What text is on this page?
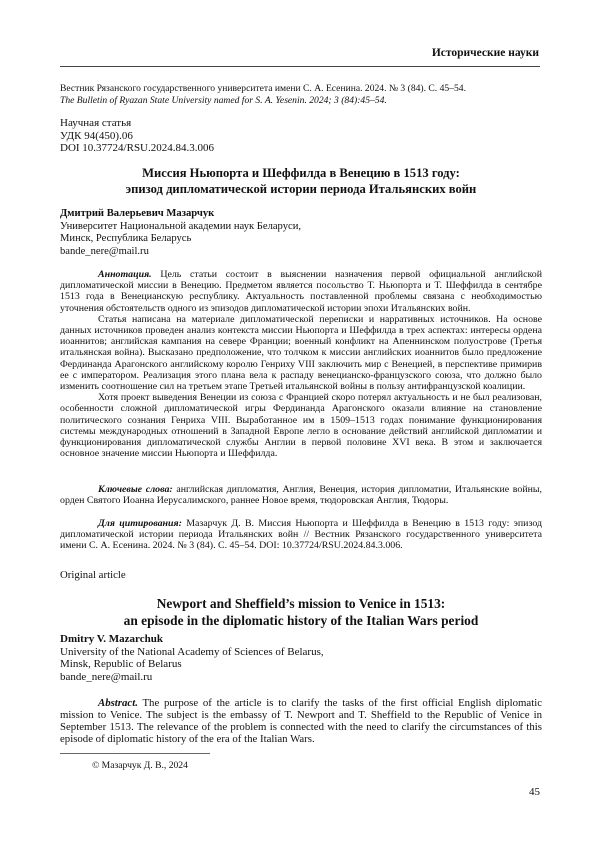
Исторические науки
Вестник Рязанского государственного университета имени С. А. Есенина. 2024. № 3 (84). С. 45–54.
The Bulletin of Ryazan State University named for S. A. Yesenin. 2024; 3 (84):45–54.
Научная статья
УДК 94(450).06
DOI 10.37724/RSU.2024.84.3.006
Миссия Ньюпорта и Шеффилда в Венецию в 1513 году:
эпизод дипломатической истории периода Итальянских войн
Дмитрий Валерьевич Мазарчук
Университет Национальной академии наук Беларуси,
Минск, Республика Беларусь
bande_nere@mail.ru

Аннотация. Цель статьи состоит в выяснении назначения первой официальной английской дипломатической миссии в Венецию. Предметом является посольство Т. Ньюпорта и Т. Шеффилда в сентябре 1513 года в Венецианскую республику. Актуальность поставленной проблемы связана с необходимостью уточнения обстоятельств одного из эпизодов дипломатической истории эпохи Итальянских войн.

Статья написана на материале дипломатической переписки и нарративных источников. На основе данных источников проведен анализ контекста миссии Ньюпорта и Шеффилда в трех аспектах: интересы ордена иоаннитов; английская кампания на севере Франции; военный конфликт на Апеннинском полуострове (Третья итальянская война). Высказано предположение, что толчком к миссии английских иоаннитов было предложение Фердинанда Арагонского английскому королю Генриху VIII заключить мир с Венецией, в перспективе примирив ее с императором. Реализация этого плана вела к распаду венецианско-французского союза, что должно было изменить соотношение сил на третьем этапе Третьей итальянской войны в пользу антифранцузской коалиции.

Хотя проект выведения Венеции из союза с Францией скоро потерял актуальность и не был реализован, особенности сложной дипломатической игры Фердинанда Арагонского оказали влияние на становление политического сознания Генриха VIII. Выработанное им в 1509–1513 годах понимание функционирования системы международных отношений в Западной Европе легло в основание действий английской дипломатии и функционирования дипломатической службы Англии в первой половине XVI века. В этом и заключается основное значение миссии Ньюпорта и Шеффилда.

Ключевые слова: английская дипломатия, Англия, Венеция, история дипломатии, Итальянские войны, орден Святого Иоанна Иерусалимского, раннее Новое время, тюдоровская Англия, Тюдоры.

Для цитирования: Мазарчук Д. В. Миссия Ньюпорта и Шеффилда в Венецию в 1513 году: эпизод дипломатической истории периода Итальянских войн // Вестник Рязанского государственного университета имени С. А. Есенина. 2024. № 3 (84). С. 45–54. DOI: 10.37724/RSU.2024.84.3.006.

Original article
Newport and Sheffield’s mission to Venice in 1513:
an episode in the diplomatic history of the Italian Wars period
Dmitry V. Mazarchuk
University of the National Academy of Sciences of Belarus,
Minsk, Republic of Belarus
bande_nere@mail.ru

Abstract. The purpose of the article is to clarify the tasks of the first official English diplomatic mission to Venice. The subject is the embassy of T. Newport and T. Sheffield to the Republic of Venice in September 1513. The relevance of the problem is connected with the need to clarify the circumstances of this episode of diplomatic history of the era of the Italian Wars.

© Мазарчук Д. В., 2024
45
